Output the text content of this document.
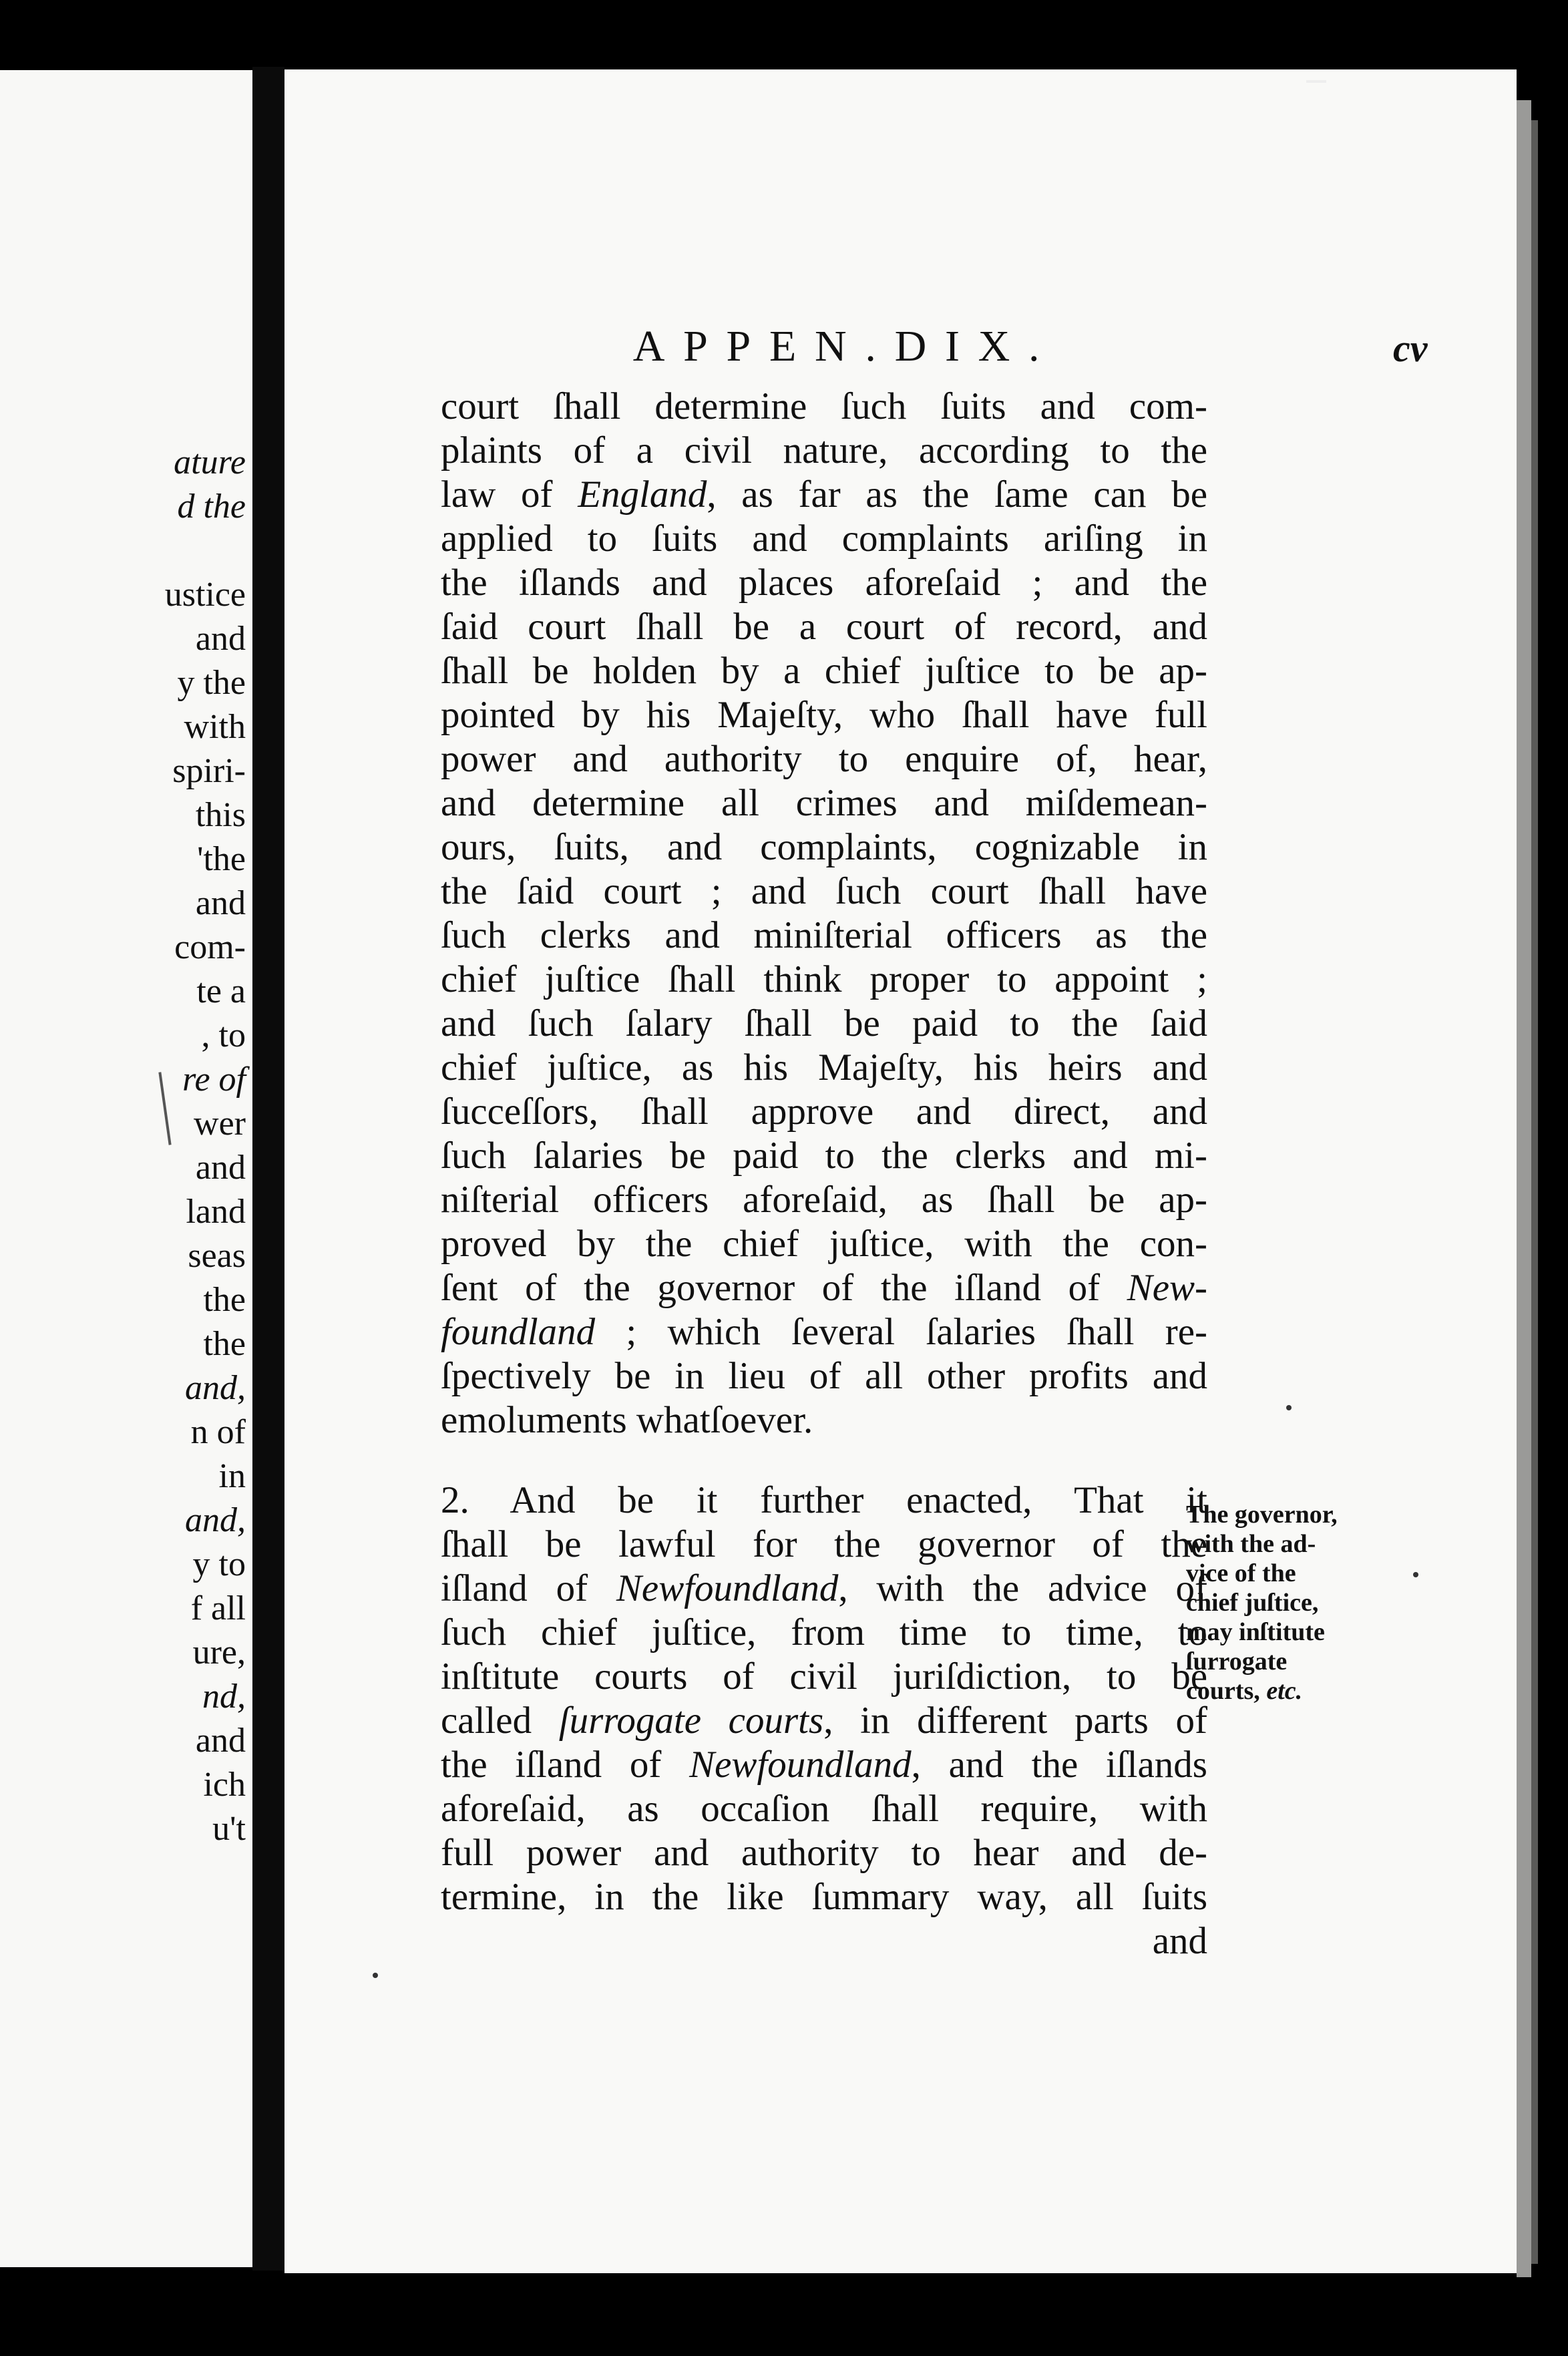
ature
d the
ustice
and
y the
with
spiri-
this
'the
and
com-
te a
, to
re of
wer
and
land
seas
the
the
and,
n of
in
and,
y to
f all
ure,
nd,
and
ich
u't
APPEN.DIX.	cv
court ſhall determine ſuch ſuits and com-
plaints of a civil nature, according to the
law of England, as far as the ſame can be
applied to ſuits and complaints ariſing in
the iſlands and places aforeſaid ; and the
ſaid court ſhall be a court of record, and
ſhall be holden by a chief juſtice to be ap-
pointed by his Majeſty, who ſhall have full
power and authority to enquire of, hear,
and determine all crimes and miſdemean-
ours, ſuits, and complaints, cognizable in
the ſaid court ; and ſuch court ſhall have
ſuch clerks and miniſterial officers as the
chief juſtice ſhall think proper to appoint ;
and ſuch ſalary ſhall be paid to the ſaid
chief juſtice, as his Majeſty, his heirs and
ſucceſſors, ſhall approve and direct, and
ſuch ſalaries be paid to the clerks and mi-
niſterial officers aforeſaid, as ſhall be ap-
proved by the chief juſtice, with the con-
ſent of the governor of the iſland of New-
foundland ; which ſeveral ſalaries ſhall re-
ſpectively be in lieu of all other profits and
emoluments whatſoever.
2. And be it further enacted, That it
ſhall be lawful for the governor of the
iſland of Newfoundland, with the advice of
ſuch chief juſtice, from time to time, to
inſtitute courts of civil juriſdiction, to be
called ſurrogate courts, in different parts of
the iſland of Newfoundland, and the iſlands
aforeſaid, as occaſion ſhall require, with
full power and authority to hear and de-
termine, in the like ſummary way, all ſuits
and
The governor,
with the ad-
vice of the
chief juſtice,
may inſtitute
ſurrogate
courts, etc.
